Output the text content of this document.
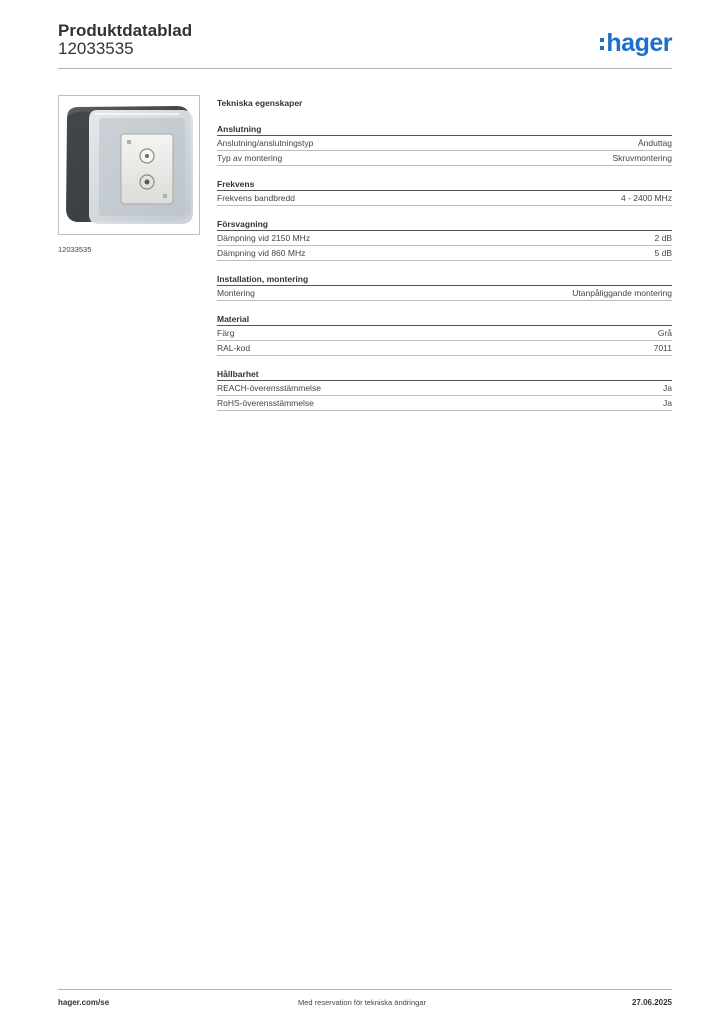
Produktdatablad
12033535	hager
12033535
Tekniska egenskaper
Anslutning
Anslutning/anslutningstyp	Änduttag
Typ av montering	Skruvmontering
Frekvens
Frekvens bandbredd	4 - 2400 MHz
Försvagning
Dämpning vid 2150 MHz	2 dB
Dämpning vid 860 MHz	5 dB
Installation, montering
Montering	Utanpåliggande montering
Material
Färg	Grå
RAL-kod	7011
Hållbarhet
REACH-överensstämmelse	Ja
RoHS-överensstämmelse	Ja
hager.com/se	Med reservation för tekniska ändringar	27.06.2025
